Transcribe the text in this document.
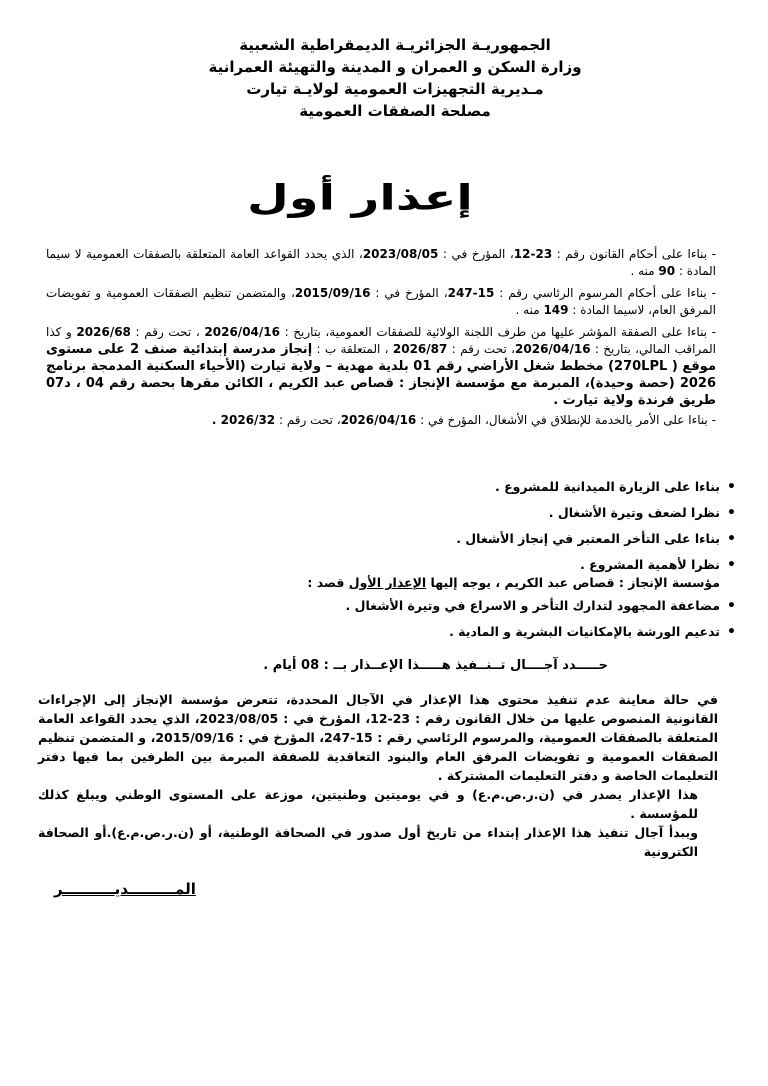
الجمهوريـة الجزائريـة الديمقراطية الشعبية
وزارة السكن و العمران و المدينة والتهيئة العمرانية
مـديرية التجهيزات العمومية لولايـة تيارت
مصلحة الصفقات العمومية
إعذار أول

- بناءا على أحكام القانون رقم : 23-12، المؤرخ في : 2023/08/05، الذي يحدد القواعد العامة المتعلقة بالصفقات العمومية لا سيما المادة : 90 منه .

- بناءا على أحكام المرسوم الرئاسي رقم : 15-247، المؤرخ في : 2015/09/16، والمتضمن تنظيم الصفقات العمومية و تفويضات المرفق العام، لاسيما المادة : 149 منه .

- بناءا على الصفقة المؤشر عليها من طرف اللجنة الولائية للصفقات العمومية، بتاريخ : 2026/04/16 ، تحت رقم : 2026/68 و كذا المراقب المالي، بتاريخ : 2026/04/16، تحت رقم : 2026/87 ، المتعلقة ب : إنجاز مدرسة إبتدائية صنف 2 على مستوى موقع ( 270LPL) مخطط شغل الأراضي رقم 01 بلدية مهدية – ولاية تيارت (الأحياء السكنية المدمجة برنامج 2026 (حصة وحيدة)، المبرمة مع مؤسسة الإنجاز : قصاص عبد الكريم ، الكائن مقرها بحصة رقم 04 ، د07 طريق فرندة ولاية تيارت .

- بناءا على الأمر بالخدمة للإنطلاق في الأشغال، المؤرخ في : 2026/04/16، تحت رقم : 2026/32 .

• بناءا على الزيارة الميدانية للمشروع .
• نظرا لضعف وتيرة الأشغال .
• بناءا على التأخر المعتبر في إنجاز الأشغال .
• نظرا لأهمية المشروع .

مؤسسة الإنجاز : قصاص عبد الكريم ، يوجه إليها الإعذار الأول قصد :

• مضاعفة المجهود لتدارك التأخر و الاسراع في وتيرة الأشغال .
• تدعيم الورشة بالإمكانيات البشرية و المادية .
حـــــدد آجــــال تــنــفيذ هـــــذا الإعــذار بــ : 08 أيام .

في حالة معاينة عدم تنفيذ محتوى هذا الإعذار في الآجال المحددة، تتعرض مؤسسة الإنجاز إلى الإجراءات القانونية المنصوص عليها من خلال القانون رقم : 23-12، المؤرخ في : 2023/08/05، الذي يحدد القواعد العامة المتعلقة بالصفقات العمومية، والمرسوم الرئاسي رقم : 15-247، المؤرخ في : 2015/09/16، و المتضمن تنظيم الصفقات العمومية و تفويضات المرفق العام والبنود التعاقدية للصفقة المبرمة بين الطرفين بما فيها دفتر التعليمات الخاصة و دفتر التعليمات المشتركة .

هذا الإعذار يصدر في (ن.ر.ص.م.ع) و في يوميتين وطنيتين، موزعة على المستوى الوطني ويبلغ كذلك للمؤسسة .

ويبدأ آجال تنفيذ هذا الإعذار إبتداء من تاريخ أول صدور في الصحافة الوطنية، أو (ن.ر.ص.م.ع).أو الصحافة الكترونية

المـــــــــديــــــــــر
